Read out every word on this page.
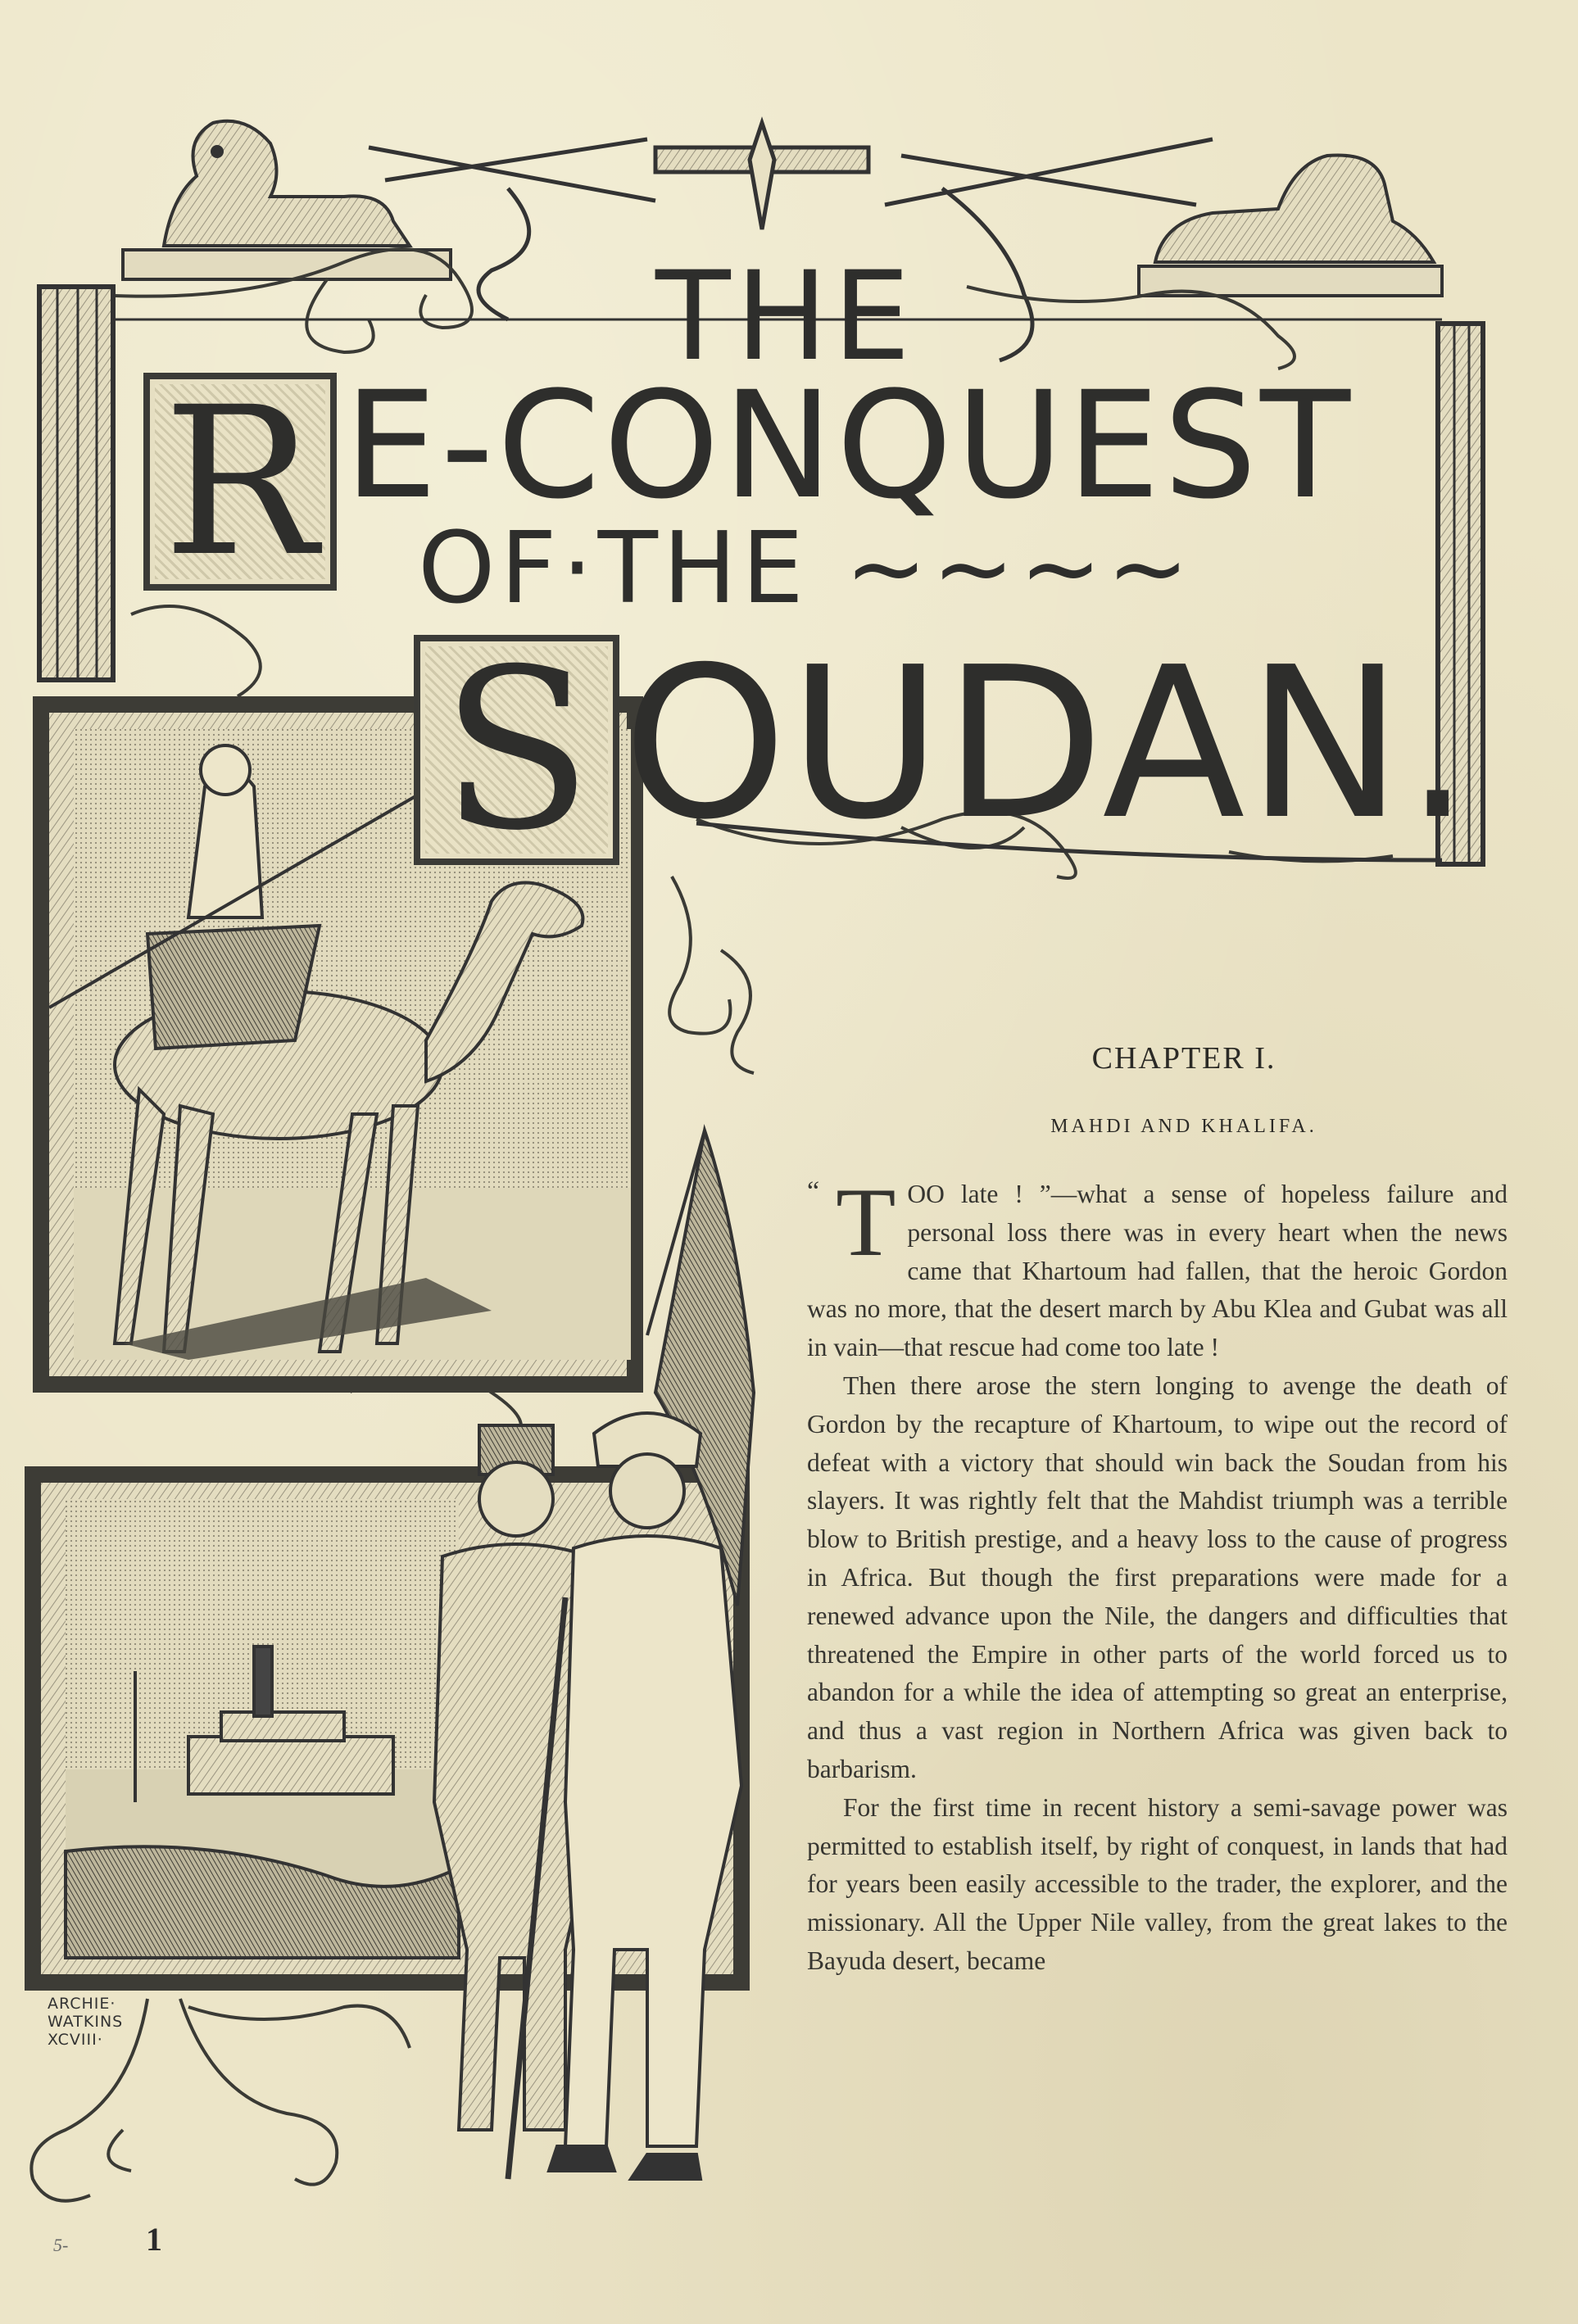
THE
R E-CONQUEST
OF·THE ~~~~
S OUDAN.
CHAPTER I.
MAHDI AND KHALIFA.

“ T OO late ! ”—what a sense of hopeless failure and personal loss there was in every heart when the news came that Khartoum had fallen, that the heroic Gordon was no more, that the desert march by Abu Klea and Gubat was all in vain—that rescue had come too late !

Then there arose the stern longing to avenge the death of Gordon by the recapture of Khartoum, to wipe out the record of defeat with a victory that should win back the Soudan from his slayers. It was rightly felt that the Mahdist triumph was a terrible blow to British prestige, and a heavy loss to the cause of progress in Africa. But though the first preparations were made for a renewed advance upon the Nile, the dangers and difficulties that threatened the Empire in other parts of the world forced us to abandon for a while the idea of attempting so great an enterprise, and thus a vast region in Northern Africa was given back to barbarism.

For the first time in recent history a semi-savage power was permitted to establish itself, by right of conquest, in lands that had for years been easily accessible to the trader, the explorer, and the missionary. All the Upper Nile valley, from the great lakes to the Bayuda desert, became

ARCHIE·
WATKINS
XCVIII·
1
5-
